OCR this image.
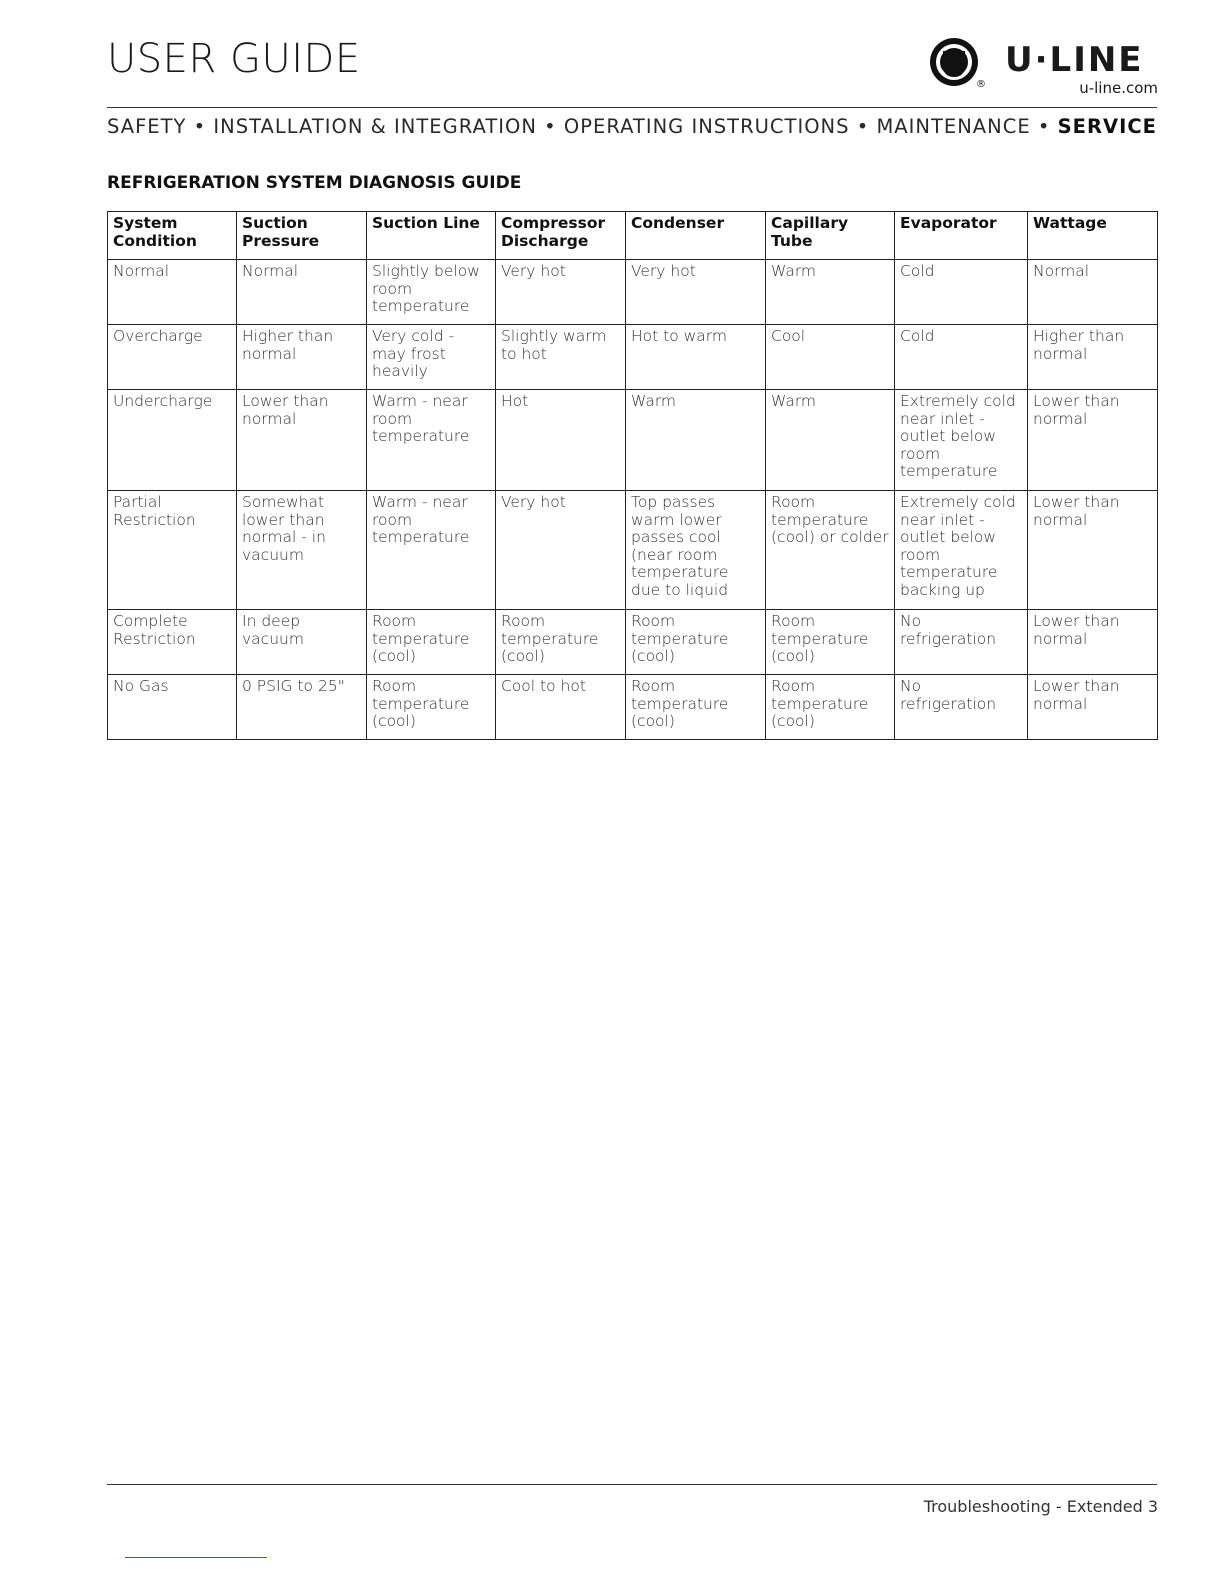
USER GUIDE
®
U·LINE
u-line.com
SAFETY • INSTALLATION & INTEGRATION • OPERATING INSTRUCTIONS • MAINTENANCE • SERVICE
REFRIGERATION SYSTEM DIAGNOSIS GUIDE
System Condition	Suction Pressure	Suction Line	Compressor Discharge	Condenser	Capillary Tube	Evaporator	Wattage
Normal	Normal	Slightly below room temperature	Very hot	Very hot	Warm	Cold	Normal
Overcharge	Higher than normal	Very cold - may frost heavily	Slightly warm to hot	Hot to warm	Cool	Cold	Higher than normal
Undercharge	Lower than normal	Warm - near room temperature	Hot	Warm	Warm	Extremely cold near inlet - outlet below room temperature	Lower than normal
Partial Restriction	Somewhat lower than normal - in vacuum	Warm - near room temperature	Very hot	Top passes warm lower passes cool (near room temperature due to liquid	Room temperature (cool) or colder	Extremely cold near inlet - outlet below room temperature backing up	Lower than normal
Complete Restriction	In deep vacuum	Room temperature (cool)	Room temperature (cool)	Room temperature (cool)	Room temperature (cool)	No refrigeration	Lower than normal
No Gas	0 PSIG to 25"	Room temperature (cool)	Cool to hot	Room temperature (cool)	Room temperature (cool)	No refrigeration	Lower than normal
Troubleshooting - Extended 3
